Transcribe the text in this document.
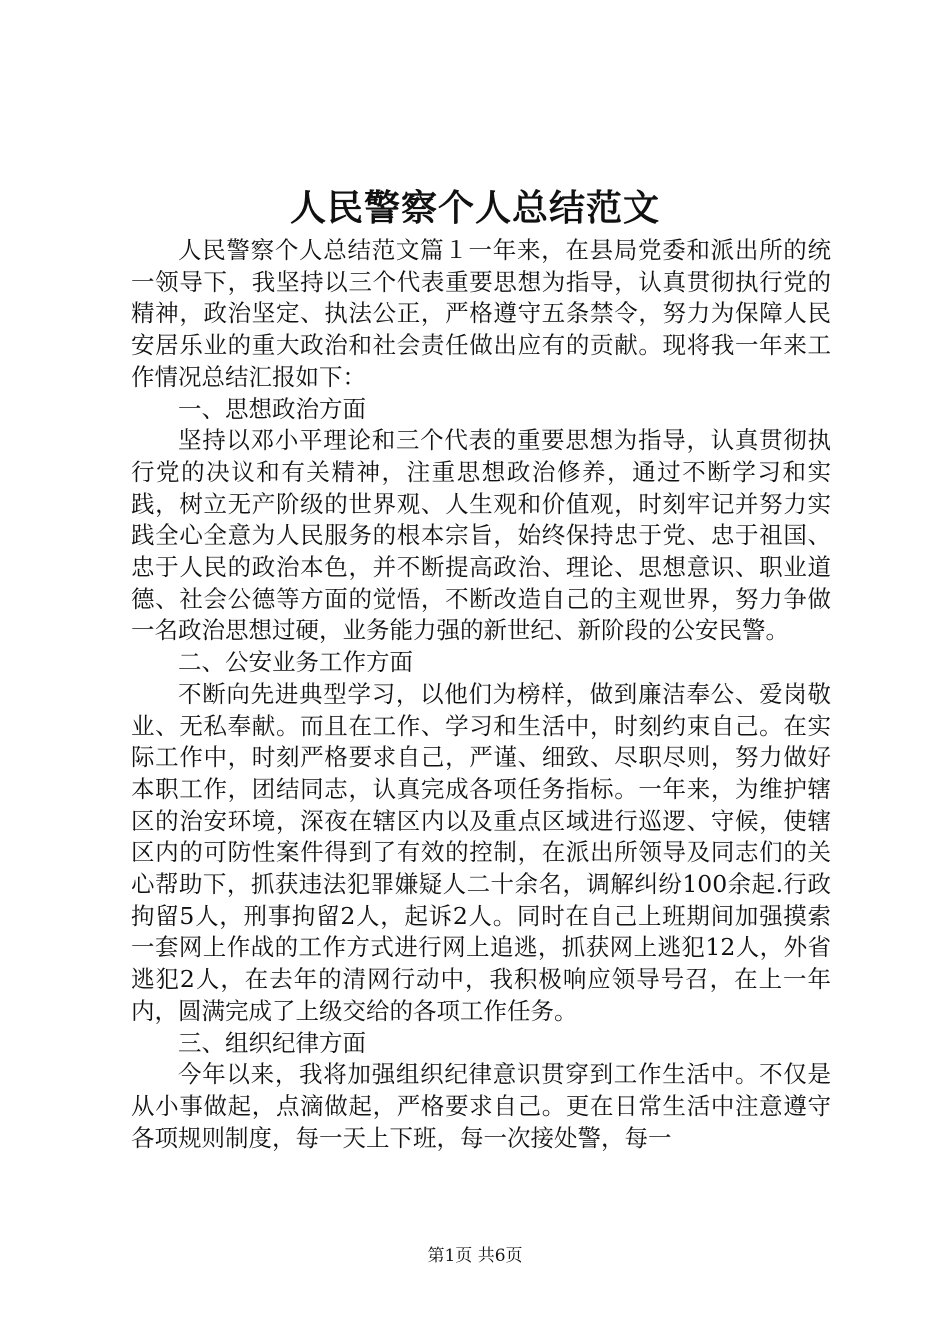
人民警察个人总结范文

人民警察个人总结范文篇１一年来，在县局党委和派出所的统一领导下，我坚持以三个代表重要思想为指导，认真贯彻执行党的精神，政治坚定、执法公正，严格遵守五条禁令，努力为保障人民安居乐业的重大政治和社会责任做出应有的贡献。现将我一年来工作情况总结汇报如下：

一、思想政治方面

坚持以邓小平理论和三个代表的重要思想为指导，认真贯彻执行党的决议和有关精神，注重思想政治修养，通过不断学习和实践，树立无产阶级的世界观、人生观和价值观，时刻牢记并努力实践全心全意为人民服务的根本宗旨，始终保持忠于党、忠于祖国、忠于人民的政治本色，并不断提高政治、理论、思想意识、职业道德、社会公德等方面的觉悟，不断改造自己的主观世界，努力争做一名政治思想过硬，业务能力强的新世纪、新阶段的公安民警。

二、公安业务工作方面

不断向先进典型学习，以他们为榜样，做到廉洁奉公、爱岗敬业、无私奉献。而且在工作、学习和生活中，时刻约束自己。在实际工作中，时刻严格要求自己，严谨、细致、尽职尽则，努力做好本职工作，团结同志，认真完成各项任务指标。一年来，为维护辖区的治安环境，深夜在辖区内以及重点区域进行巡逻、守候，使辖区内的可防性案件得到了有效的控制，在派出所领导及同志们的关心帮助下，抓获违法犯罪嫌疑人二十余名，调解纠纷100余起.行政拘留5人，刑事拘留2人，起诉2人。同时在自己上班期间加强摸索一套网上作战的工作方式进行网上追逃，抓获网上逃犯12人，外省逃犯2人，在去年的清网行动中，我积极响应领导号召，在上一年内，圆满完成了上级交给的各项工作任务。

三、组织纪律方面

今年以来，我将加强组织纪律意识贯穿到工作生活中。不仅是从小事做起，点滴做起，严格要求自己。更在日常生活中注意遵守各项规则制度，每一天上下班，每一次接处警，每一

第1页 共6页
